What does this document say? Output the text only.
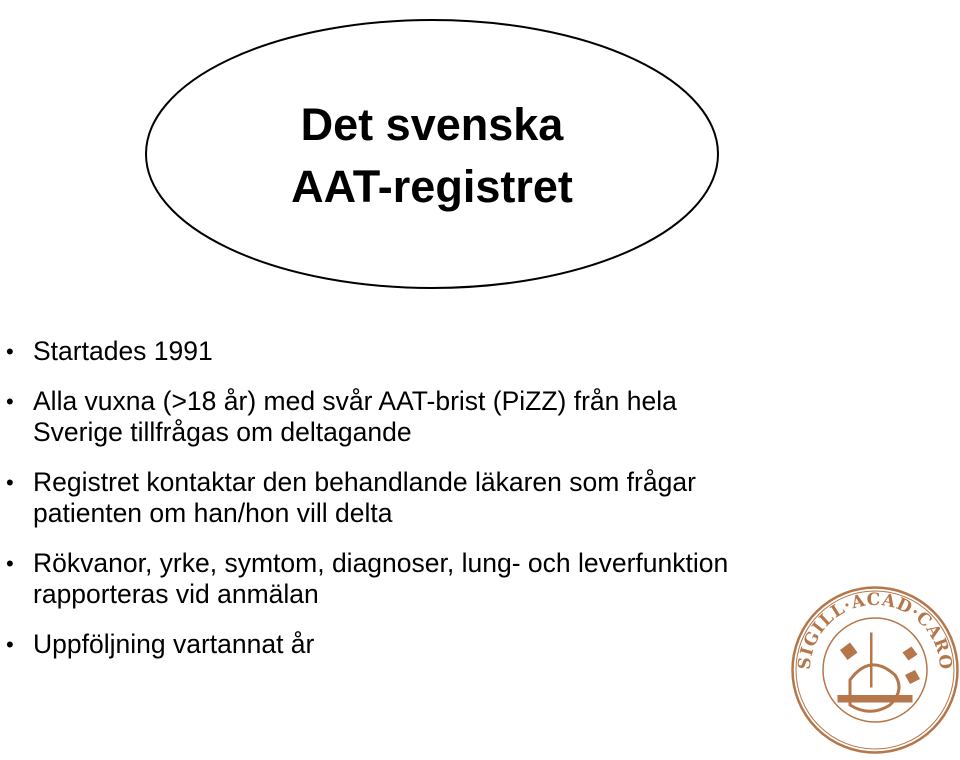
Det svenska
AAT-registret
• Startades 1991
• Alla vuxna (>18 år) med svår AAT-brist (PiZZ) från hela
Sverige tillfrågas om deltagande
• Registret kontaktar den behandlande läkaren som frågar
patienten om han/hon vill delta
• Rökvanor, yrke, symtom, diagnoser, lung- och leverfunktion
rapporteras vid anmälan
• Uppföljning vartannat år
SIGILL·ACAD·CARO
